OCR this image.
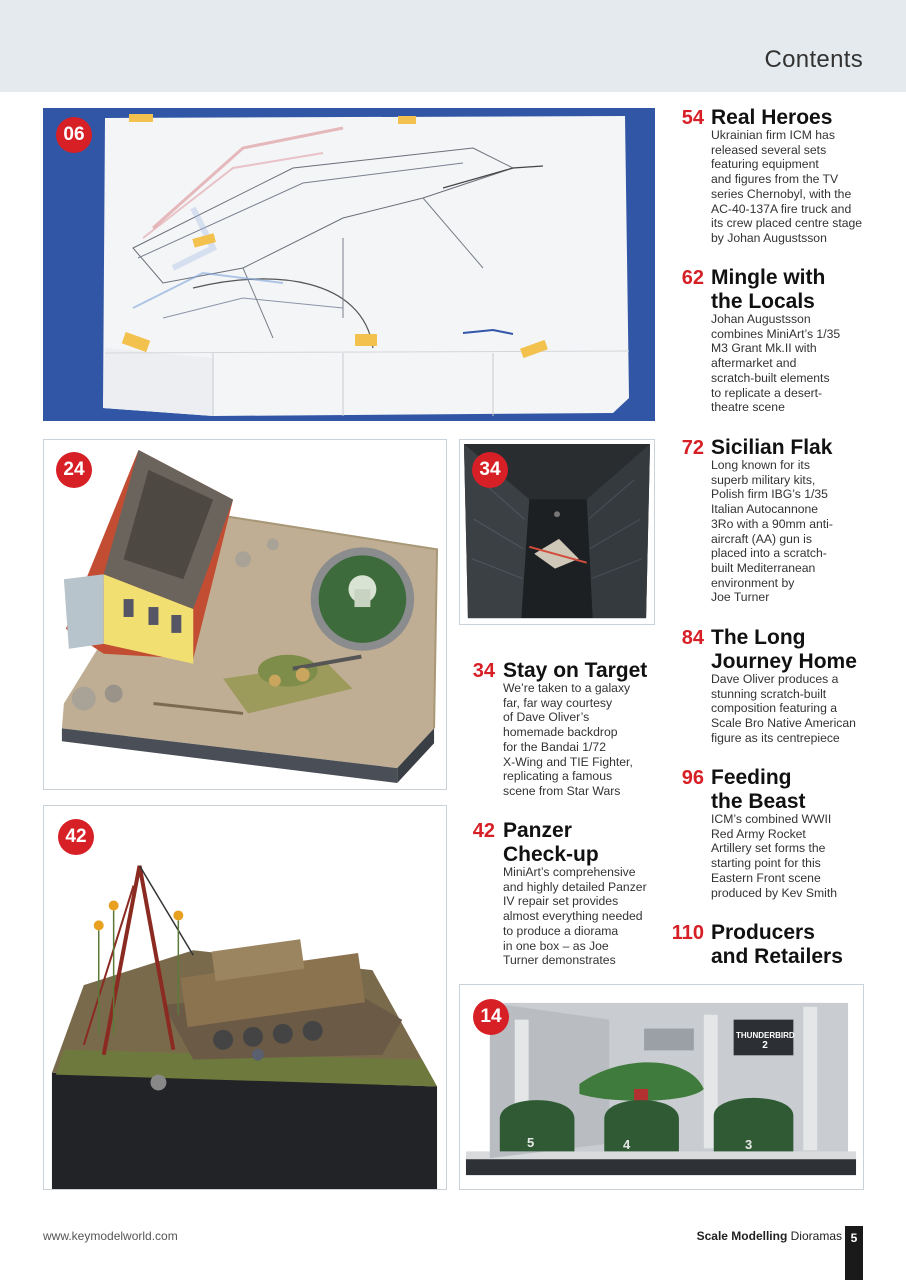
Contents
06
24	34
42
14
THUNDERBIRD
2
5	4	3
54 Real Heroes
Ukrainian firm ICM has
released several sets
featuring equipment
and figures from the TV
series Chernobyl, with the
AC-40-137A fire truck and
its crew placed centre stage
by Johan Augustsson
62 Mingle with
the Locals
Johan Augustsson
combines MiniArt’s 1/35
M3 Grant Mk.II with
aftermarket and
scratch-built elements
to replicate a desert-
theatre scene
72 Sicilian Flak
Long known for its
superb military kits,
Polish firm IBG’s 1/35
Italian Autocannone
3Ro with a 90mm anti-
aircraft (AA) gun is
placed into a scratch-
built Mediterranean
environment by
Joe Turner
84 The Long
Journey Home
Dave Oliver produces a
stunning scratch-built
composition featuring a
Scale Bro Native American
figure as its centrepiece
96 Feeding
the Beast
ICM’s combined WWII
Red Army Rocket
Artillery set forms the
starting point for this
Eastern Front scene
produced by Kev Smith
110 Producers
and Retailers
34 Stay on Target
We’re taken to a galaxy
far, far way courtesy
of Dave Oliver’s
homemade backdrop
for the Bandai 1/72
X-Wing and TIE Fighter,
replicating a famous
scene from Star Wars
42 Panzer
Check-up
MiniArt’s comprehensive
and highly detailed Panzer
IV repair set provides
almost everything needed
to produce a diorama
in one box – as Joe
Turner demonstrates
www.keymodelworld.com	Scale Modelling Dioramas 5
